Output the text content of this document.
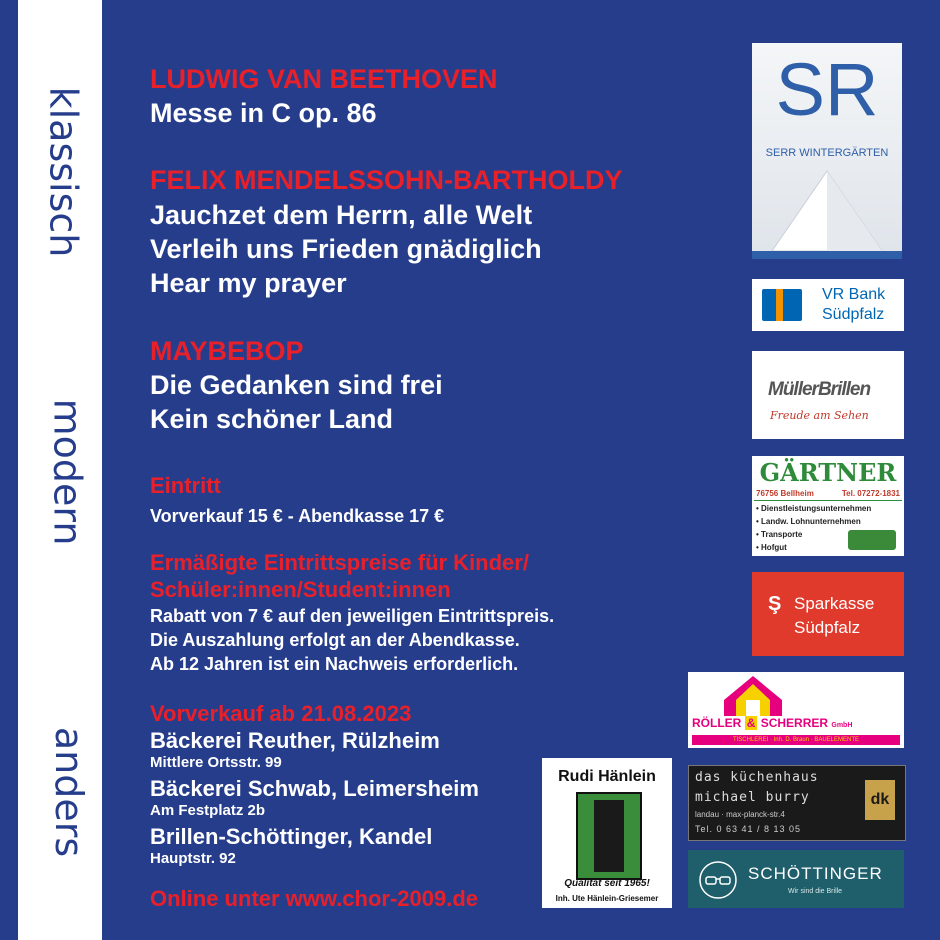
klassisch
modern
anders
LUDWIG VAN BEETHOVEN
Messe in C op. 86
FELIX MENDELSSOHN-BARTHOLDY
Jauchzet dem Herrn, alle Welt
Verleih uns Frieden gnädiglich
Hear my prayer
MAYBEBOP
Die Gedanken sind frei
Kein schöner Land
Eintritt
Vorverkauf 15 € - Abendkasse 17 €
Ermäßigte Eintrittspreise für Kinder/
Schüler:innen/Student:innen
Rabatt von 7 € auf den jeweiligen Eintrittspreis.
Die Auszahlung erfolgt an der Abendkasse.
Ab 12 Jahren ist ein Nachweis erforderlich.
Vorverkauf ab 21.08.2023
Bäckerei Reuther, Rülzheim
Mittlere Ortsstr. 99
Bäckerei Schwab, Leimersheim
Am Festplatz 2b
Brillen-Schöttinger, Kandel
Hauptstr. 92
Online unter www.chor-2009.de
SR
SERR WINTERGÄRTEN
VR Bank
Südpfalz
MüllerBrillen
Freude am Sehen
GÄRTNER
76756 Bellheim	Tel. 07272-1831
• Dienstleistungsunternehmen
• Landw. Lohnunternehmen
• Transporte
• Hofgut
Ş Sparkasse
Südpfalz
RÖLLER & SCHERRER GmbH
TISCHLEREI · Inh. D. Braun · BAUELEMENTE
Rudi Hänlein
Qualität seit 1965!
Inh. Ute Hänlein-Griesemer
das küchenhaus
michael burry
landau · max-planck-str.4
Tel. 0 63 41 / 8 13 05
dk
SCHÖTTINGER
Wir sind die Brille
